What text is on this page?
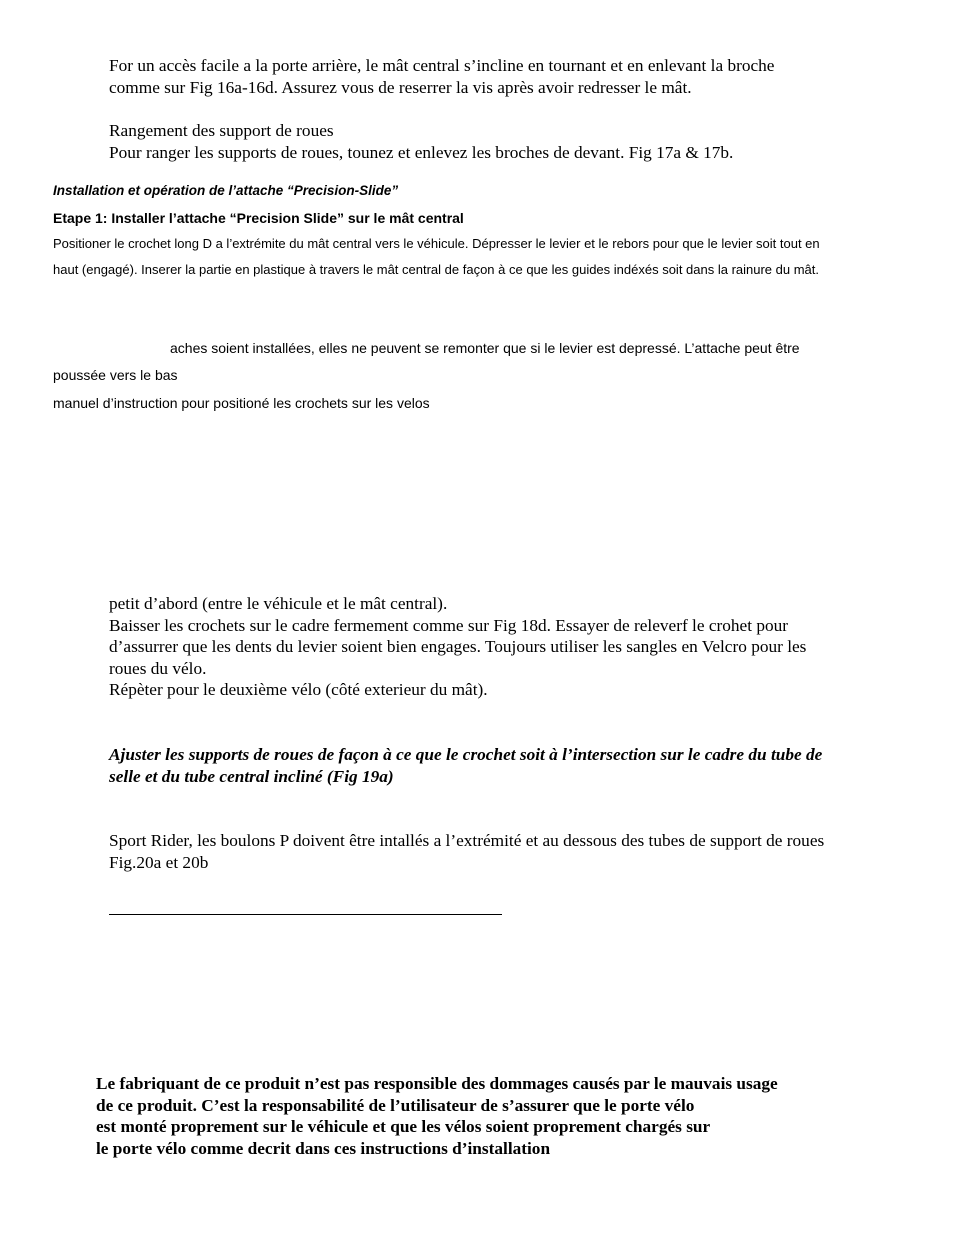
For un accès facile a la porte arrière, le mât central s’incline en tournant et en enlevant la broche
comme sur Fig 16a-16d. Assurez vous de reserrer la vis après avoir redresser le mât.
Rangement des support de roues
Pour ranger les supports de roues, tounez et enlevez les broches de devant. Fig 17a & 17b.
Installation et opération de l’attache “Precision-Slide”
Etape 1: Installer l’attache “Precision Slide” sur le mât central
Positioner le crochet long D a l’extrémite du mât central vers le véhicule. Dépresser le levier et le rebors pour que le levier soit tout en
haut (engagé). Inserer la partie en plastique à travers le mât central de façon à ce que les guides indéxés soit dans la rainure du mât.
aches soient installées, elles ne peuvent se remonter que si le levier est depressé. L’attache peut être
poussée vers le bas
manuel d’instruction pour positioné les crochets sur les velos
petit d’abord (entre le véhicule et le mât central).
Baisser les crochets sur le cadre fermement comme sur Fig 18d. Essayer de releverf le crohet pour
d’assurrer que les dents du levier soient bien engages. Toujours utiliser les sangles en Velcro pour les
roues du vélo.
Répèter pour le deuxième vélo (côté exterieur du mât).
Ajuster les supports de roues de façon à ce que le crochet soit à l’intersection sur le cadre du tube de
selle et du tube central incliné (Fig 19a)
Sport Rider, les boulons P doivent être intallés a l’extrémité et au dessous des tubes de support de roues
Fig.20a et 20b
Le fabriquant de ce produit n’est pas responsible des dommages causés par le mauvais usage
de ce produit. C’est la responsabilité de l’utilisateur de s’assurer que le porte vélo
est monté proprement sur le véhicule et que les vélos soient proprement chargés sur
le porte vélo comme decrit dans ces instructions d’installation
